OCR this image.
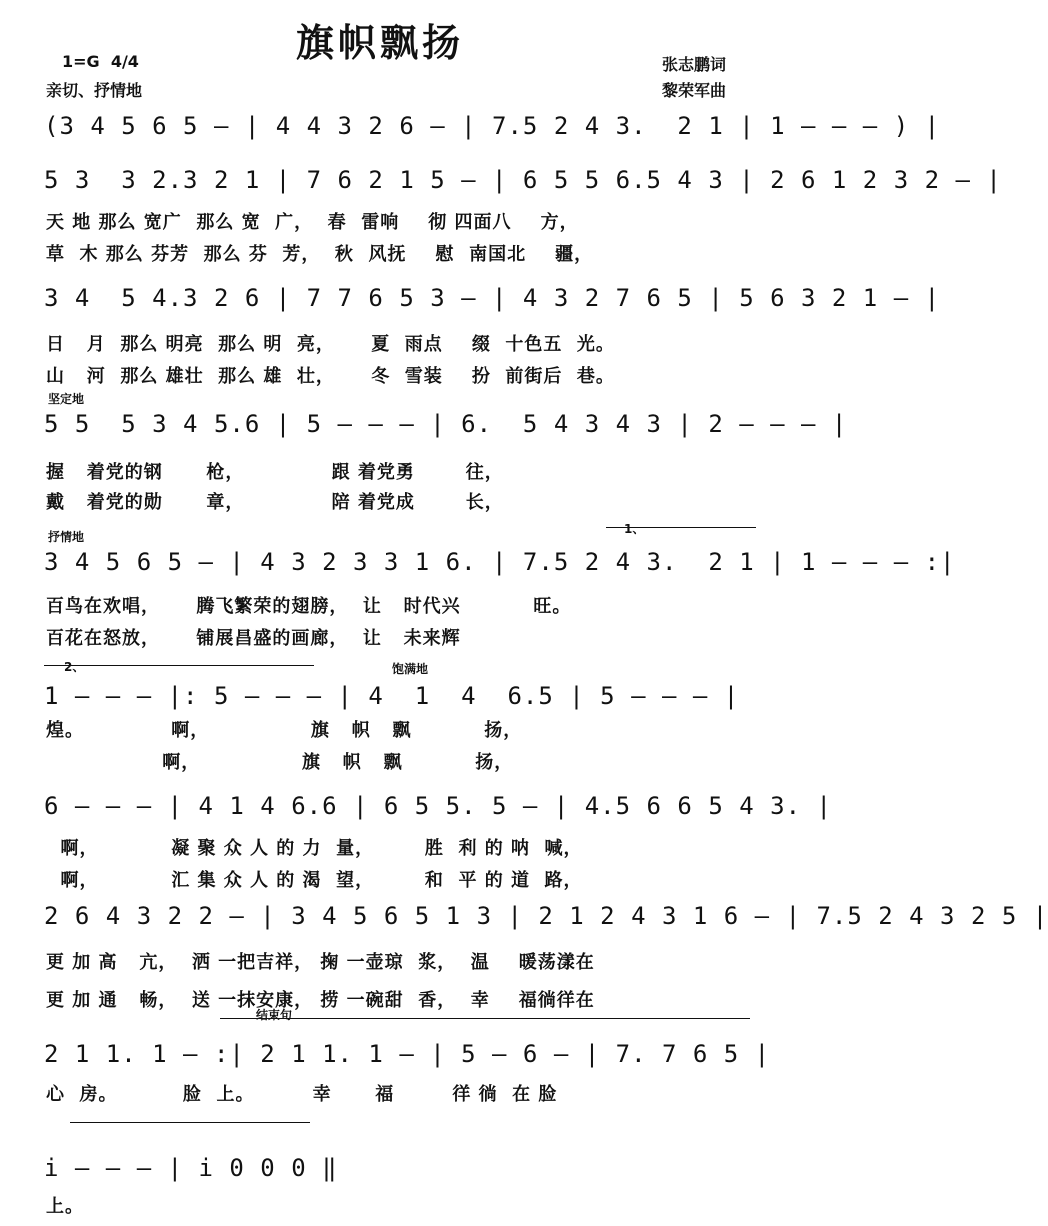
旗帜飘扬
1=G  4/4
亲切、抒情地
张志鹏词
黎荣军曲
(3 4 5 6 5 — | 4 4 3 2 6 — | 7.5 2 4 3.  2 1 | 1 — — — ) |
5 3  3 2.3 2 1 | 7 6 2 1 5 — | 6 5 5 6.5 4 3 | 2 6 1 2 3 2 — |
天 地 那么 宽广  那么 宽  广，  春  雷响    彻 四面八    方，
草  木 那么 芬芳  那么 芬  芳，  秋  风抚    慰  南国北    疆，
3 4  5 4.3 2 6 | 7 7 6 5 3 — | 4 3 2 7 6 5 | 5 6 3 2 1 — |
日   月  那么 明亮  那么 明  亮，     夏  雨点    缀  十色五  光。
山   河  那么 雄壮  那么 雄  壮，     冬  雪装    扮  前街后  巷。
坚定地
5 5  5 3 4 5.6 | 5 — — — | 6.  5 4 3 4 3 | 2 — — — |
握   着党的钢      枪，            跟 着党勇       往，
戴   着党的勋      章，            陪 着党成       长，
抒情地
1、
3 4 5 6 5 — | 4 3 2 3 3 1 6. | 7.5 2 4 3.  2 1 | 1 — — — :|
百鸟在欢唱，     腾飞繁荣的翅膀，  让   时代兴          旺。
百花在怒放，     铺展昌盛的画廊，  让   未来辉
2、	饱满地
1 — — — |: 5 — — — | 4  1  4  6.5 | 5 — — — |
煌。            啊，              旗   帜   飘          扬，
啊，              旗   帜   飘          扬，
6 — — — | 4 1 4 6.6 | 6 5 5. 5 — | 4.5 6 6 5 4 3. |
啊，          凝 聚 众 人 的 力  量，       胜  利 的 呐  喊，
啊，          汇 集 众 人 的 渴  望，       和  平 的 道  路，
2 6 4 3 2 2 — | 3 4 5 6 5 1 3 | 2 1 2 4 3 1 6 — | 7.5 2 4 3 2 5 |
更 加 高   亢，  洒 一把吉祥， 掬 一壶琼  浆，  温    暖荡漾在
更 加 通   畅，  送 一抹安康， 捞 一碗甜  香，  幸    福徜徉在
结束句
2 1 1. 1 — :| 2 1 1. 1 — | 5 — 6 — | 7. 7 6 5 |
心  房。         脸  上。        幸      福        徉 徜  在 脸
i — — — | i 0 0 0 ‖
上。
